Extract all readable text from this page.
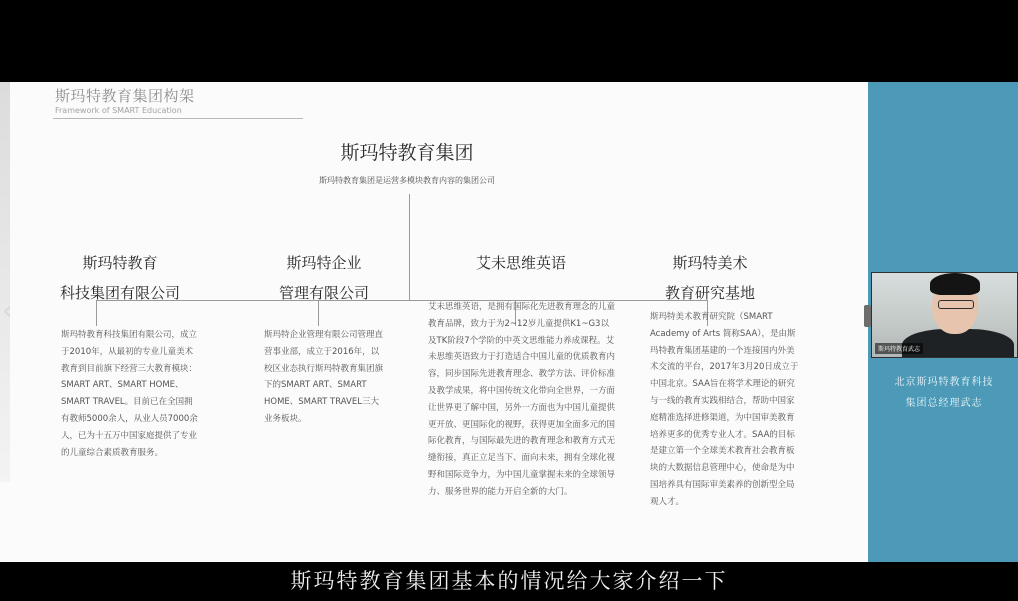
斯玛特教育集团构架
Framework of SMART Education
斯玛特教育集团
斯玛特教育集团是运营多模块教育内容的集团公司
斯玛特教育
科技集团有限公司
斯玛特教育科技集团有限公司，成立于2010年，从最初的专业儿童美术教育到目前旗下经营三大教育模块：SMART ART、SMART HOME、SMART TRAVEL。目前已在全国拥有教师5000余人，从业人员7000余人，已为十五万中国家庭提供了专业的儿童综合素质教育服务。
斯玛特企业
管理有限公司
斯玛特企业管理有限公司管理直营事业部，成立于2016年，以校区业态执行斯玛特教育集团旗下的SMART ART、SMART HOME、SMART TRAVEL三大业务板块。
艾未思维英语
艾未思维英语，是拥有国际化先进教育理念的儿童教育品牌，致力于为2~12岁儿童提供K1~G3以及TK阶段7个学阶的中英文思维能力养成课程。艾未思维英语致力于打造适合中国儿童的优质教育内容，同步国际先进教育理念、教学方法、评价标准及教学成果，将中国传统文化带向全世界，一方面让世界更了解中国，另外一方面也为中国儿童提供更开放、更国际化的视野，获得更加全面多元的国际化教育，与国际最先进的教育理念和教育方式无缝衔接，真正立足当下、面向未来，拥有全球化视野和国际竞争力，为中国儿童掌握未来的全球领导力、服务世界的能力开启全新的大门。
斯玛特美术
教育研究基地
斯玛特美术教育研究院（SMART Academy of Arts 简称SAA），是由斯玛特教育集团基建的一个连接国内外美术交流的平台，2017年3月20日成立于中国北京。SAA旨在将学术理论的研究与一线的教育实践相结合，帮助中国家庭精准选择进修渠道，为中国审美教育培养更多的优秀专业人才。SAA的目标是建立第一个全球美术教育社会教育板块的大数据信息管理中心，使命是为中国培养具有国际审美素养的创新型全局观人才。
‹
斯玛特教育武志
北京斯玛特教育科技
集团总经理武志
斯玛特教育集团基本的情况给大家介绍一下
